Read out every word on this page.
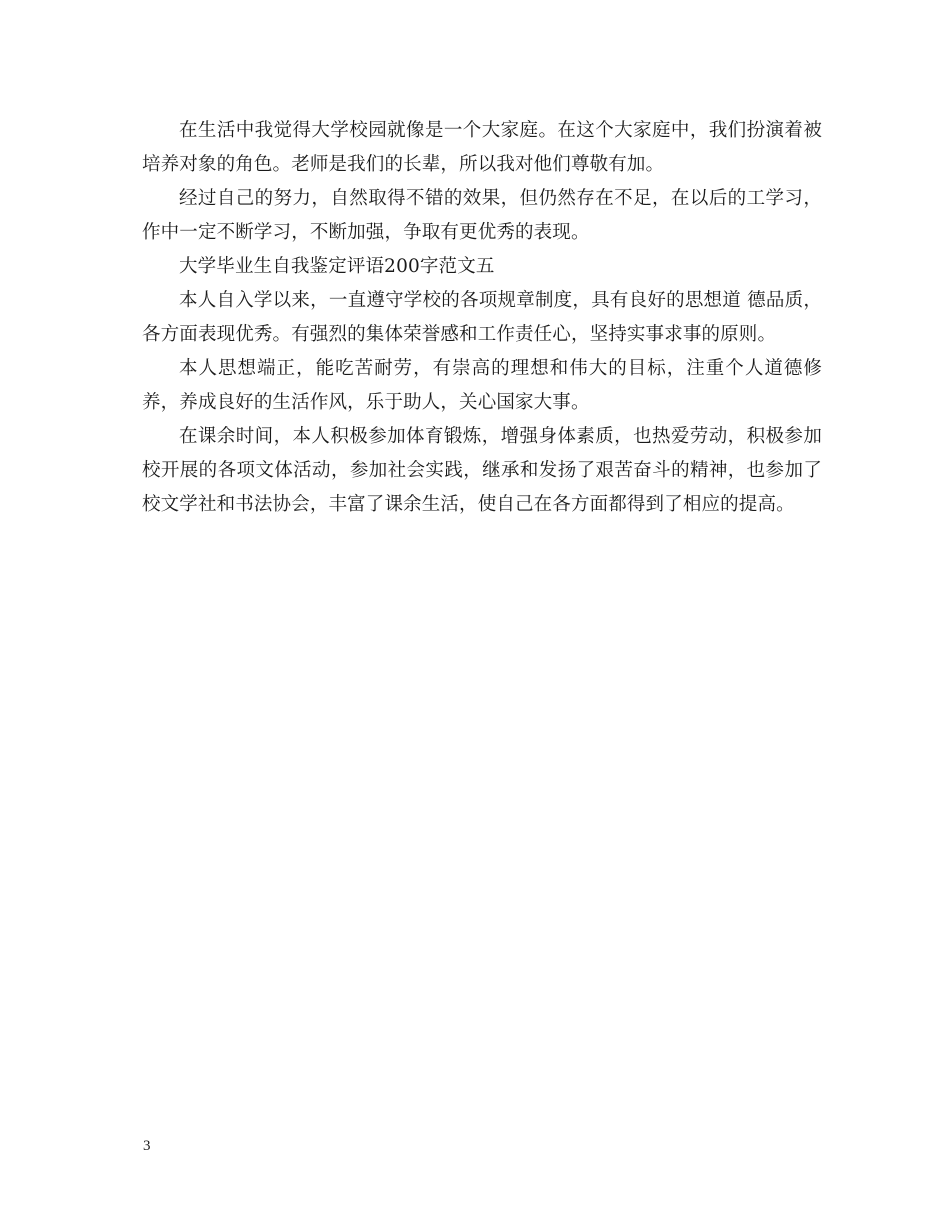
在生活中我觉得大学校园就像是一个大家庭。在这个大家庭中，我们扮演着被培养对象的角色。老师是我们的长辈，所以我对他们尊敬有加。

经过自己的努力，自然取得不错的效果，但仍然存在不足，在以后的工学习，作中一定不断学习，不断加强，争取有更优秀的表现。

大学毕业生自我鉴定评语200字范文五

本人自入学以来，一直遵守学校的各项规章制度，具有良好的思想道 德品质，各方面表现优秀。有强烈的集体荣誉感和工作责任心，坚持实事求事的原则。

本人思想端正，能吃苦耐劳，有崇高的理想和伟大的目标，注重个人道德修养，养成良好的生活作风，乐于助人，关心国家大事。

在课余时间，本人积极参加体育锻炼，增强身体素质，也热爱劳动，积极参加校开展的各项文体活动，参加社会实践，继承和发扬了艰苦奋斗的精神，也参加了校文学社和书法协会，丰富了课余生活，使自己在各方面都得到了相应的提高。

3
